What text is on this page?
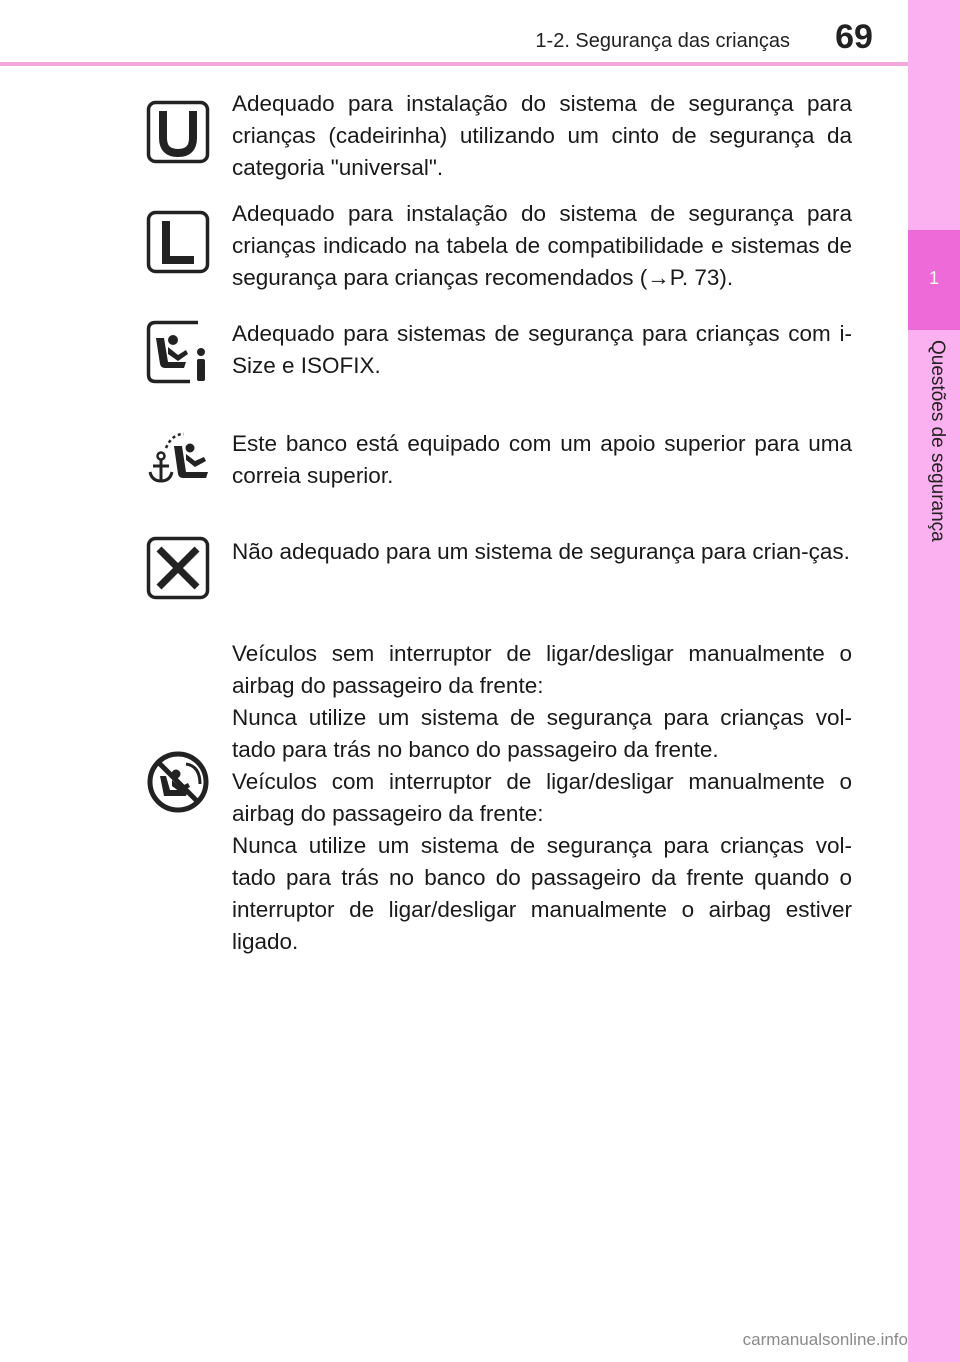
1-2. Segurança das crianças	69
1
Questões de segurança
Adequado para instalação do sistema de segurança para crianças (cadeirinha) utilizando um cinto de segurança da categoria "universal".
Adequado para instalação do sistema de segurança para crianças indicado na tabela de compatibilidade e sistemas de segurança para crianças recomendados (→P. 73).
Adequado para sistemas de segurança para crianças com i-Size e ISOFIX.
Este banco está equipado com um apoio superior para uma correia superior.
Não adequado para um sistema de segurança para crian-ças.

Veículos sem interruptor de ligar/desligar manualmente o airbag do passageiro da frente:

Nunca utilize um sistema de segurança para crianças vol-tado para trás no banco do passageiro da frente.

Veículos com interruptor de ligar/desligar manualmente o airbag do passageiro da frente:

Nunca utilize um sistema de segurança para crianças vol-tado para trás no banco do passageiro da frente quando o interruptor de ligar/desligar manualmente o airbag estiver ligado.

carmanualsonline.info
